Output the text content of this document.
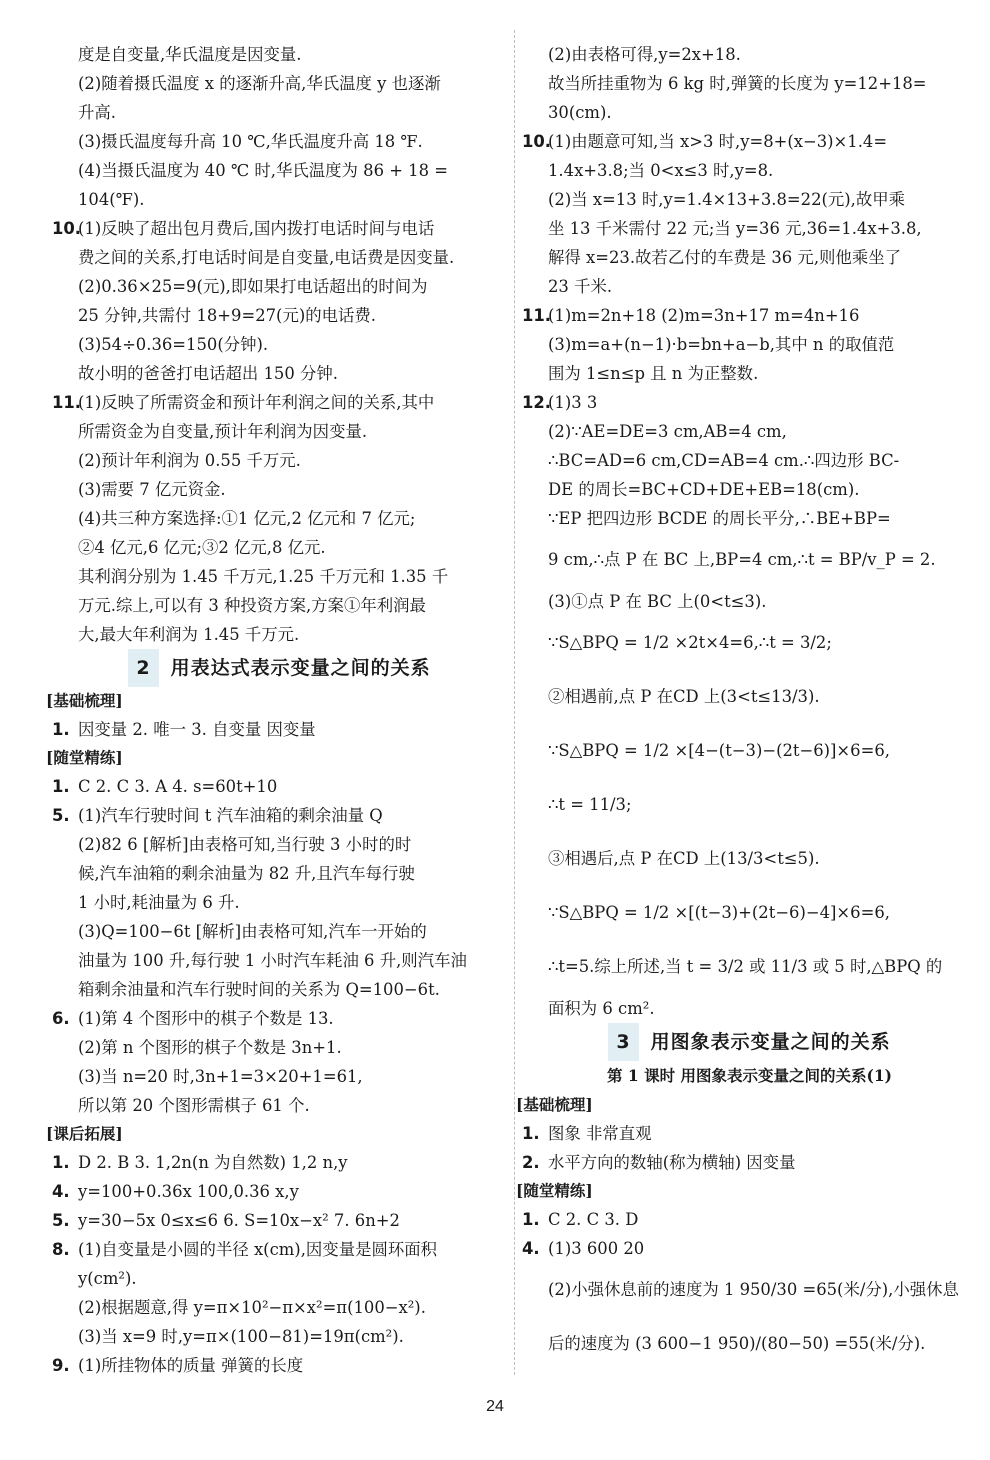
度是自变量,华氏温度是因变量.
(2)随着摄氏温度 x 的逐渐升高,华氏温度 y 也逐渐
升高.
(3)摄氏温度每升高 10 ℃,华氏温度升高 18 ℉.
(4)当摄氏温度为 40 ℃ 时,华氏温度为 86 + 18 =
104(℉).
10.(1)反映了超出包月费后,国内拨打电话时间与电话
费之间的关系,打电话时间是自变量,电话费是因变量.
(2)0.36×25=9(元),即如果打电话超出的时间为
25 分钟,共需付 18+9=27(元)的电话费.
(3)54÷0.36=150(分钟).
故小明的爸爸打电话超出 150 分钟.
11.(1)反映了所需资金和预计年利润之间的关系,其中
所需资金为自变量,预计年利润为因变量.
(2)预计年利润为 0.55 千万元.
(3)需要 7 亿元资金.
(4)共三种方案选择:①1 亿元,2 亿元和 7 亿元;
②4 亿元,6 亿元;③2 亿元,8 亿元.
其利润分别为 1.45 千万元,1.25 千万元和 1.35 千
万元.综上,可以有 3 种投资方案,方案①年利润最
大,最大年利润为 1.45 千万元.
2 用表达式表示变量之间的关系
[基础梳理]
1. 因变量 2. 唯一 3. 自变量 因变量
[随堂精练]
1. C 2. C 3. A 4. s=60t+10
5. (1)汽车行驶时间 t 汽车油箱的剩余油量 Q
(2)82 6 [解析]由表格可知,当行驶 3 小时的时
候,汽车油箱的剩余油量为 82 升,且汽车每行驶
1 小时,耗油量为 6 升.
(3)Q=100−6t [解析]由表格可知,汽车一开始的
油量为 100 升,每行驶 1 小时汽车耗油 6 升,则汽车油
箱剩余油量和汽车行驶时间的关系为 Q=100−6t.
6. (1)第 4 个图形中的棋子个数是 13.
(2)第 n 个图形的棋子个数是 3n+1.
(3)当 n=20 时,3n+1=3×20+1=61,
所以第 20 个图形需棋子 61 个.
[课后拓展]
1. D 2. B 3. 1,2n(n 为自然数) 1,2 n,y
4. y=100+0.36x 100,0.36 x,y
5. y=30−5x 0≤x≤6 6. S=10x−x² 7. 6n+2
8. (1)自变量是小圆的半径 x(cm),因变量是圆环面积
y(cm²).
(2)根据题意,得 y=π×10²−π×x²=π(100−x²).
(3)当 x=9 时,y=π×(100−81)=19π(cm²).
9. (1)所挂物体的质量 弹簧的长度
(2)由表格可得,y=2x+18.
故当所挂重物为 6 kg 时,弹簧的长度为 y=12+18=
30(cm).
10.(1)由题意可知,当 x>3 时,y=8+(x−3)×1.4=
1.4x+3.8;当 0<x≤3 时,y=8.
(2)当 x=13 时,y=1.4×13+3.8=22(元),故甲乘
坐 13 千米需付 22 元;当 y=36 元,36=1.4x+3.8,
解得 x=23.故若乙付的车费是 36 元,则他乘坐了
23 千米.
11.(1)m=2n+18 (2)m=3n+17 m=4n+16
(3)m=a+(n−1)·b=bn+a−b,其中 n 的取值范
围为 1≤n≤p 且 n 为正整数.
12.(1)3 3
(2)∵AE=DE=3 cm,AB=4 cm,
∴BC=AD=6 cm,CD=AB=4 cm.∴四边形 BC-
DE 的周长=BC+CD+DE+EB=18(cm).
∵EP 把四边形 BCDE 的周长平分,∴BE+BP=
9 cm,∴点 P 在 BC 上,BP=4 cm,∴t = BP/v_P = 2.
(3)①点 P 在 BC 上(0<t≤3).
∵S△BPQ = 1/2 ×2t×4=6,∴t = 3/2;
②相遇前,点 P 在CD 上(3<t≤13/3).
∵S△BPQ = 1/2 ×[4−(t−3)−(2t−6)]×6=6,
∴t = 11/3;
③相遇后,点 P 在CD 上(13/3<t≤5).
∵S△BPQ = 1/2 ×[(t−3)+(2t−6)−4]×6=6,
∴t=5.综上所述,当 t = 3/2 或 11/3 或 5 时,△BPQ 的
面积为 6 cm².
3 用图象表示变量之间的关系
第 1 课时 用图象表示变量之间的关系(1)
[基础梳理]
1. 图象 非常直观
2. 水平方向的数轴(称为横轴) 因变量
[随堂精练]
1. C 2. C 3. D
4. (1)3 600 20
(2)小强休息前的速度为 1 950/30 =65(米/分),小强休息
后的速度为 (3 600−1 950)/(80−50) =55(米/分).
24
